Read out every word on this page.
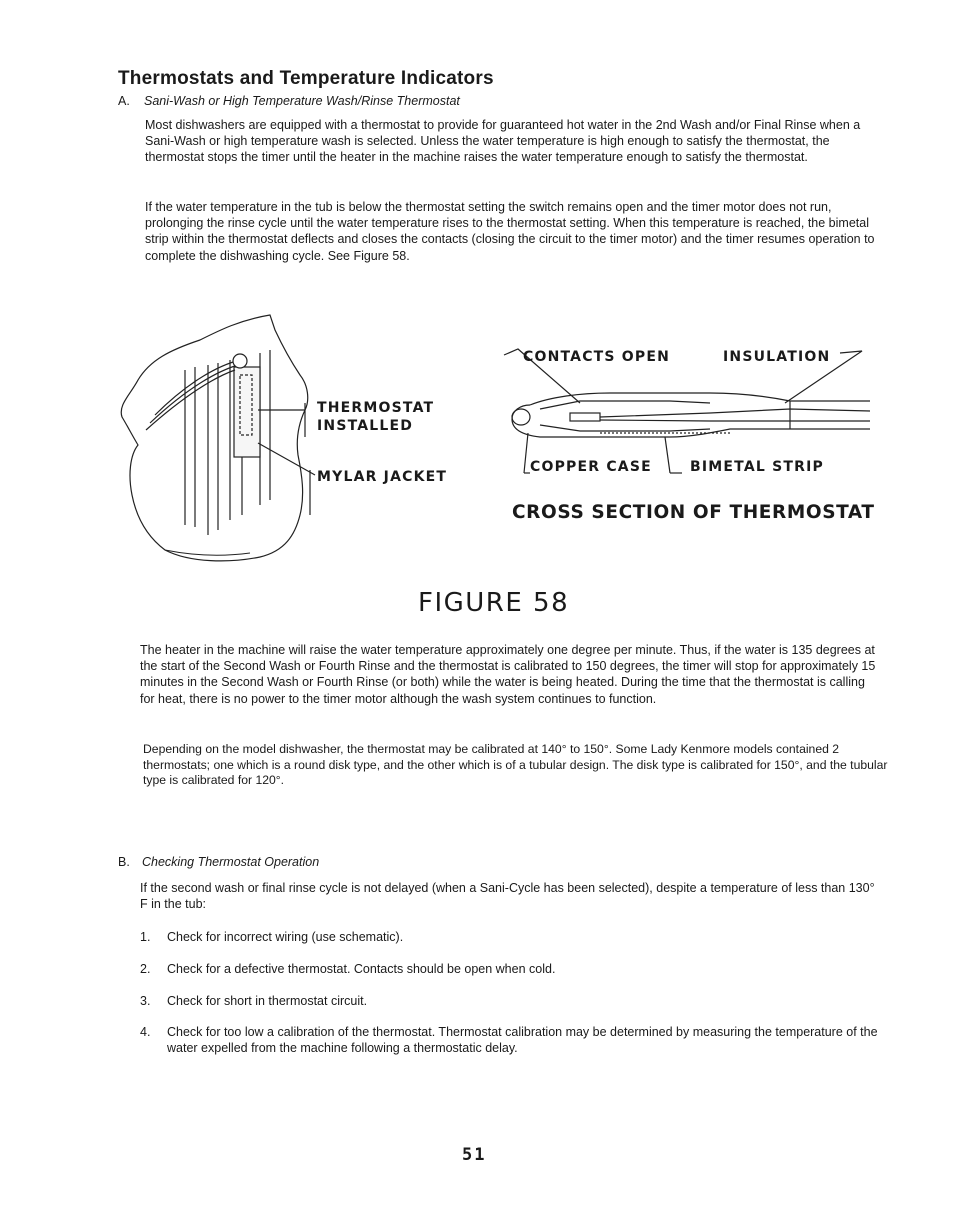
Thermostats and Temperature Indicators
A. Sani-Wash or High Temperature Wash/Rinse Thermostat

Most dishwashers are equipped with a thermostat to provide for guaranteed hot water in the 2nd Wash and/or Final Rinse when a Sani-Wash or high temperature wash is selected. Unless the water temperature is high enough to satisfy the thermostat, the thermostat stops the timer until the heater in the machine raises the water temperature enough to satisfy the thermostat.

If the water temperature in the tub is below the thermostat setting the switch remains open and the timer motor does not run, prolonging the rinse cycle until the water temperature rises to the thermostat setting. When this temperature is reached, the bimetal strip within the thermostat deflects and closes the contacts (closing the circuit to the timer motor) and the timer resumes operation to complete the dishwashing cycle. See Figure 58.

THERMOSTAT
INSTALLED
MYLAR JACKET
CONTACTS OPEN	INSULATION
COPPER CASE	BIMETAL STRIP
CROSS SECTION OF THERMOSTAT
FIGURE 58

The heater in the machine will raise the water temperature approximately one degree per minute. Thus, if the water is 135 degrees at the start of the Second Wash or Fourth Rinse and the thermostat is calibrated to 150 degrees, the timer will stop for approximately 15 minutes in the Second Wash or Fourth Rinse (or both) while the water is being heated. During the time that the thermostat is calling for heat, there is no power to the timer motor although the wash system continues to function.

Depending on the model dishwasher, the thermostat may be calibrated at 140° to 150°. Some Lady Kenmore models contained 2 thermostats; one which is a round disk type, and the other which is of a tubular design. The disk type is calibrated for 150°, and the tubular type is calibrated for 120°.

B. Checking Thermostat Operation

If the second wash or final rinse cycle is not delayed (when a Sani-Cycle has been selected), despite a temperature of less than 130° F in the tub:

1. Check for incorrect wiring (use schematic).
2. Check for a defective thermostat. Contacts should be open when cold.
3. Check for short in thermostat circuit.
4. Check for too low a calibration of the thermostat. Thermostat calibration may be determined by measuring the temperature of the water expelled from the machine following a thermostatic delay.
51
